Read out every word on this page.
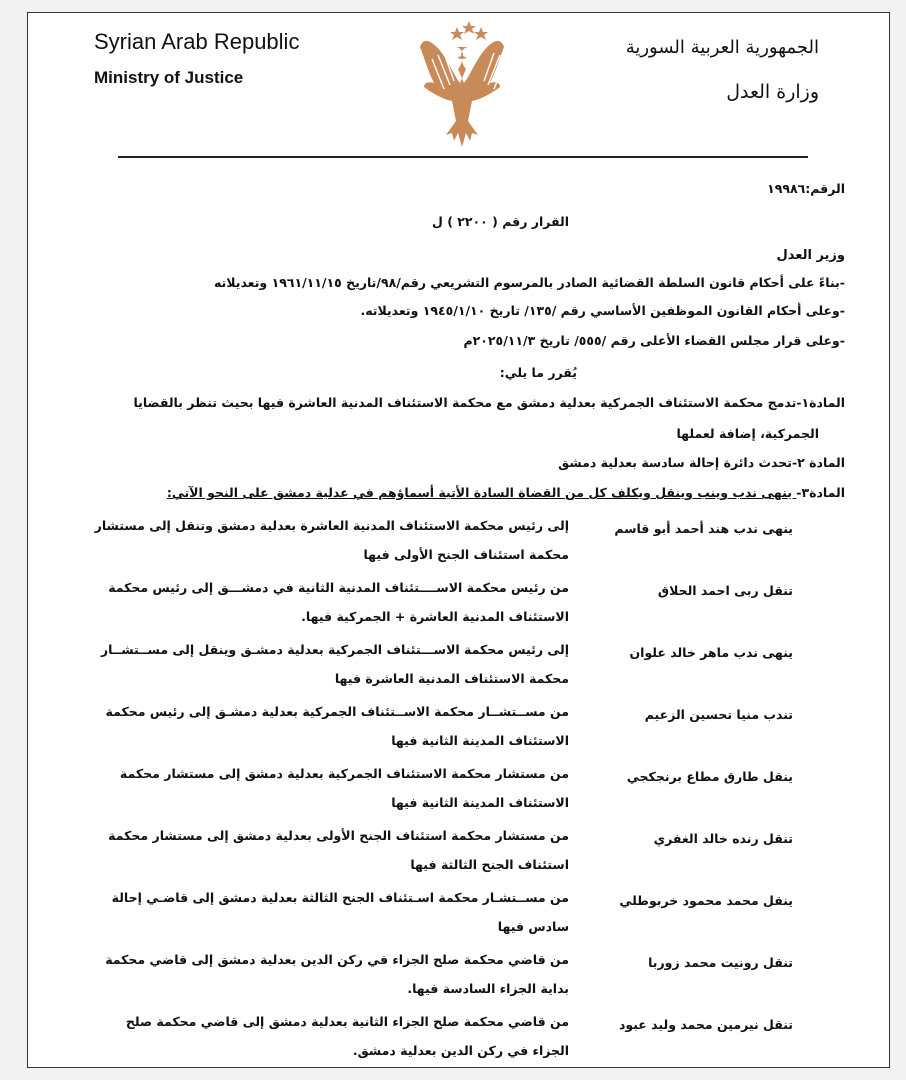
Syrian Arab Republic
Ministry of Justice
الجمهورية العربية السورية
وزارة العدل
الرقم:١٩٩٨٦
القرار رقم ( ٢٢٠٠ ) ل
وزير العدل
-بناءً على أحكام قانون السلطة القضائية الصادر بالمرسوم التشريعي رقم/٩٨/تاريخ ١٩٦١/١١/١٥ وتعديلاته
-وعلى أحكام القانون الموظفين الأساسي رقم /١٣٥/ تاريخ ١٩٤٥/١/١٠ وتعديلاته.
-وعلى قرار مجلس القضاء الأعلى رقم /٥٥٥/ تاريخ ٢٠٢٥/١١/٣م
يُقرر ما يلي:
المادة١-تدمج محكمة الاستئناف الجمركية بعدلية دمشق مع محكمة الاستئناف المدنية العاشرة فيها بحيث تنظر بالقضايا
الجمركية، إضافة لعملها
المادة ٢-تحدث دائرة إحالة سادسة بعدلية دمشق
المادة٣- ينهى ندب وينب وينقل ويكلف كل من القضاة السادة الأتية أسماؤهم في عدلية دمشق على النحو الآتي:
ينهى ندب هند أحمد أبو قاسم
إلى رئيس محكمة الاستئناف المدنية العاشرة بعدلية دمشق وتنقل إلى مستشار
محكمة استئناف الجنح الأولى فيها
تنقل ربى احمد الحلاق
من رئيس محكمة الاســــتئناف المدنية الثانية في دمشـــق إلى رئيس محكمة
الاستئناف المدنية العاشرة + الجمركية فيها.
ينهى ندب ماهر خالد علوان
إلى رئيس محكمة الاســـتئناف الجمركية بعدلية دمشـق وينقل إلى مســتشــار
محكمة الاستئناف المدنية العاشرة فيها
تندب منيا تحسين الزعيم
من مســتشــار محكمة الاســتئناف الجمركية بعدلية دمشـق إلى رئيس محكمة
الاستئناف المدينة الثانية فيها
ينقل طارق مطاع برنجكجي
من مستشار محكمة الاستئناف الجمركية بعدلية دمشق إلى مستشار محكمة
الاستئناف المدينة الثانية فيها
تنقل رنده خالد الغفري
من مستشار محكمة استئناف الجنح الأولى بعدلية دمشق إلى مستشار محكمة
استئناف الجنح الثالثة فيها
ينقل محمد محمود خربوطلي
من مســتشـار محكمة اسـتئناف الجنح الثالثة بعدلية دمشق إلى قاضـي إحالة
سادس فيها
تنقل رونيت محمد زوربا
من قاضي محكمة صلح الجزاء في ركن الدين بعدلية دمشق إلى قاضي محكمة
بداية الجزاء السادسة فيها.
تنقل نيرمين محمد وليد عبود
من قاضي محكمة صلح الجزاء الثانية بعدلية دمشق إلى قاضي محكمة صلح
الجزاء في ركن الدين بعدلية دمشق.
